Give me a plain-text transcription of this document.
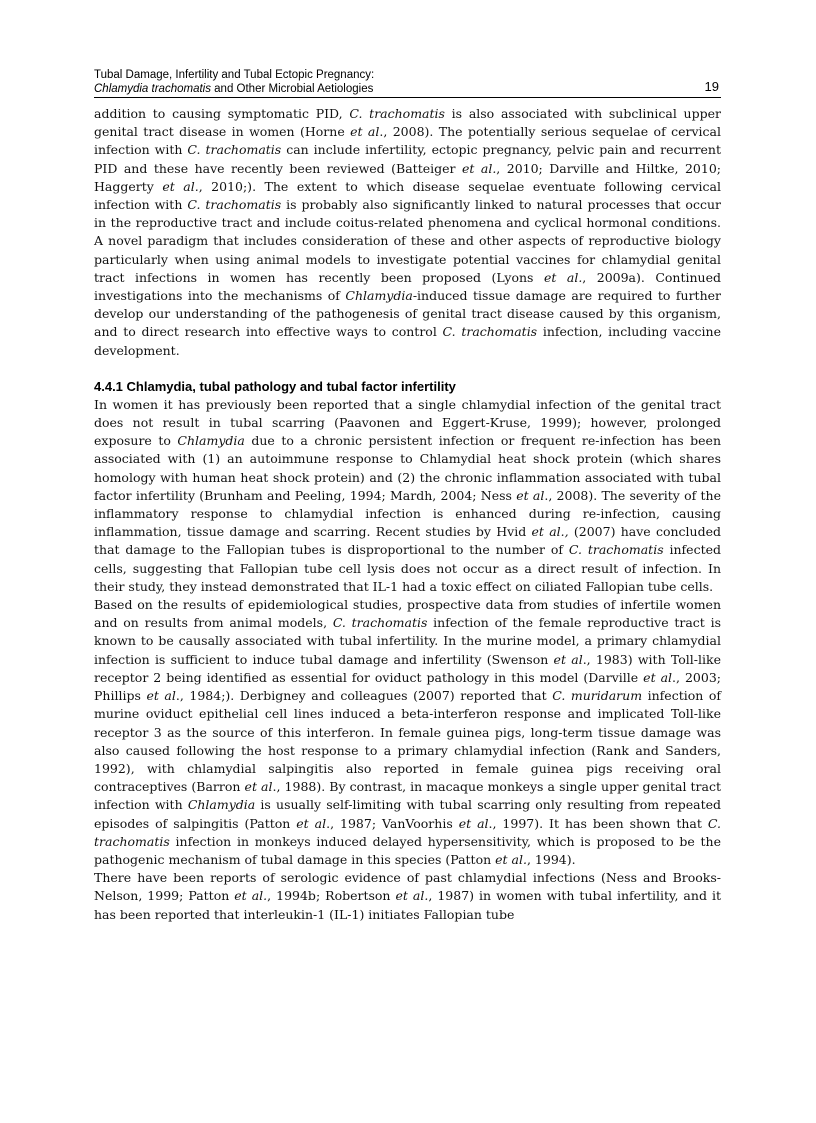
Tubal Damage, Infertility and Tubal Ectopic Pregnancy:
Chlamydia trachomatis and Other Microbial Aetiologies	19

addition to causing symptomatic PID, C. trachomatis is also associated with subclinical upper genital tract disease in women (Horne et al., 2008). The potentially serious sequelae of cervical infection with C. trachomatis can include infertility, ectopic pregnancy, pelvic pain and recurrent PID and these have recently been reviewed (Batteiger et al., 2010; Darville and Hiltke, 2010; Haggerty et al., 2010;). The extent to which disease sequelae eventuate following cervical infection with C. trachomatis is probably also significantly linked to natural processes that occur in the reproductive tract and include coitus-related phenomena and cyclical hormonal conditions. A novel paradigm that includes consideration of these and other aspects of reproductive biology particularly when using animal models to investigate potential vaccines for chlamydial genital tract infections in women has recently been proposed (Lyons et al., 2009a). Continued investigations into the mechanisms of Chlamydia-induced tissue damage are required to further develop our understanding of the pathogenesis of genital tract disease caused by this organism, and to direct research into effective ways to control C. trachomatis infection, including vaccine development.

4.4.1 Chlamydia, tubal pathology and tubal factor infertility

In women it has previously been reported that a single chlamydial infection of the genital tract does not result in tubal scarring (Paavonen and Eggert-Kruse, 1999); however, prolonged exposure to Chlamydia due to a chronic persistent infection or frequent re-infection has been associated with (1) an autoimmune response to Chlamydial heat shock protein (which shares homology with human heat shock protein) and (2) the chronic inflammation associated with tubal factor infertility (Brunham and Peeling, 1994; Mardh, 2004; Ness et al., 2008). The severity of the inflammatory response to chlamydial infection is enhanced during re-infection, causing inflammation, tissue damage and scarring. Recent studies by Hvid et al., (2007) have concluded that damage to the Fallopian tubes is disproportional to the number of C. trachomatis infected cells, suggesting that Fallopian tube cell lysis does not occur as a direct result of infection. In their study, they instead demonstrated that IL-1 had a toxic effect on ciliated Fallopian tube cells.

Based on the results of epidemiological studies, prospective data from studies of infertile women and on results from animal models, C. trachomatis infection of the female reproductive tract is known to be causally associated with tubal infertility. In the murine model, a primary chlamydial infection is sufficient to induce tubal damage and infertility (Swenson et al., 1983) with Toll-like receptor 2 being identified as essential for oviduct pathology in this model (Darville et al., 2003; Phillips et al., 1984;). Derbigney and colleagues (2007) reported that C. muridarum infection of murine oviduct epithelial cell lines induced a beta-interferon response and implicated Toll-like receptor 3 as the source of this interferon. In female guinea pigs, long-term tissue damage was also caused following the host response to a primary chlamydial infection (Rank and Sanders, 1992), with chlamydial salpingitis also reported in female guinea pigs receiving oral contraceptives (Barron et al., 1988). By contrast, in macaque monkeys a single upper genital tract infection with Chlamydia is usually self-limiting with tubal scarring only resulting from repeated episodes of salpingitis (Patton et al., 1987; VanVoorhis et al., 1997). It has been shown that C. trachomatis infection in monkeys induced delayed hypersensitivity, which is proposed to be the pathogenic mechanism of tubal damage in this species (Patton et al., 1994).

There have been reports of serologic evidence of past chlamydial infections (Ness and Brooks-Nelson, 1999; Patton et al., 1994b; Robertson et al., 1987) in women with tubal infertility, and it has been reported that interleukin-1 (IL-1) initiates Fallopian tube
